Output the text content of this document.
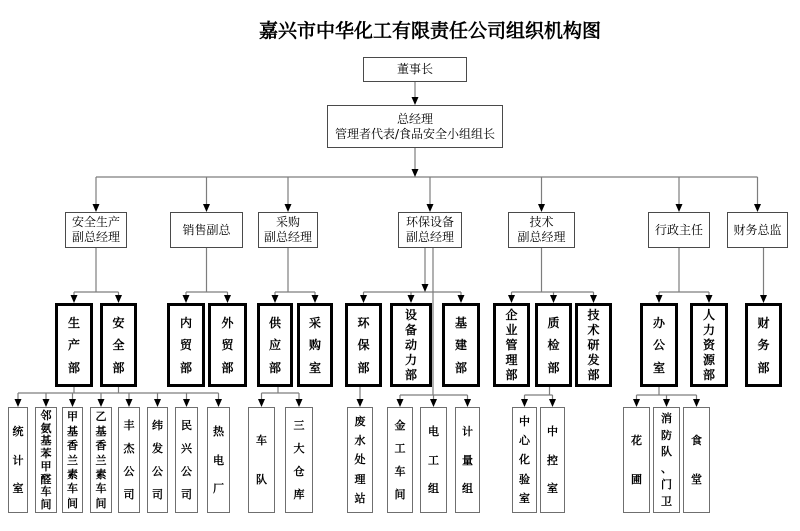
嘉兴市中华化工有限责任公司组织机构图
董事长
总经理
管理者代表/食品安全小组组长
安全生产
副总经理
销售副总
采购
副总经理
环保设备
副总经理
技术
副总经理
行政主任	财务总监
生
产
部
安
全
部
内
贸
部
外
贸
部
供
应
部
采
购
室
环
保
部
设
备
动
力
部
基
建
部
企
业
管
理
部
质
检
部
技
术
研
发
部
办
公
室
人
力
资
源
部
财
务
部
统
计
室
邻
氨
基
苯
甲
醛
车
间
甲
基
香
兰
素
车
间
乙
基
香
兰
素
车
间
丰
杰
公
司
纬
发
公
司
民
兴
公
司
热
电
厂
车
队
三
大
仓
库
废
水
处
理
站
金
工
车
间
电
工
组
计
量
组
中
心
化
验
室
中
控
室
花
圃
消
防
队
、
门
卫
食
堂
